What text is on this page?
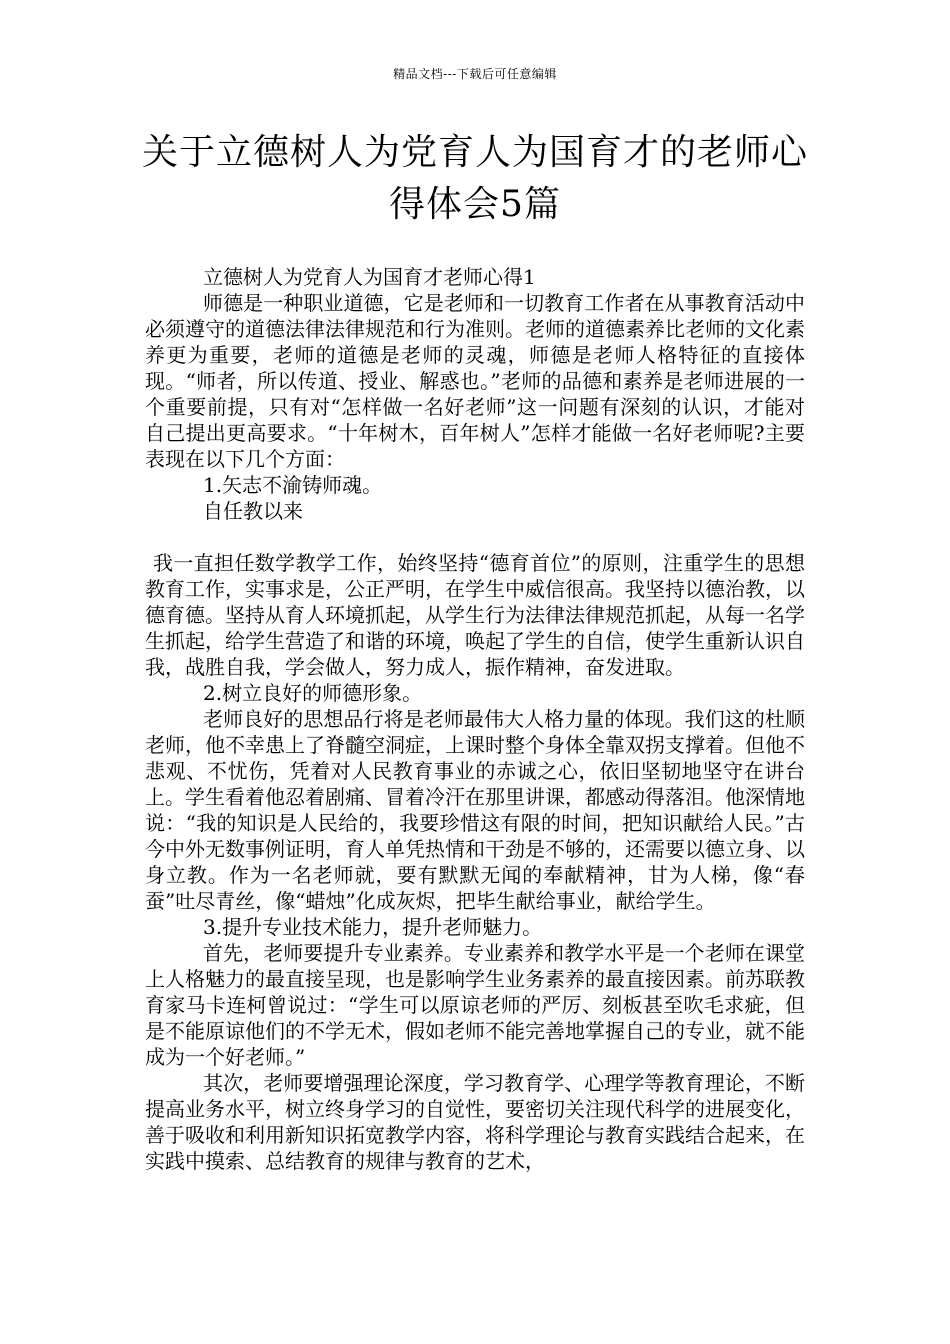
精品文档---下载后可任意编辑
关于立德树人为党育人为国育才的老师心
得体会5篇

立德树人为党育人为国育才老师心得1

师德是一种职业道德，它是老师和一切教育工作者在从事教育活动中必须遵守的道德法律法律规范和行为准则。老师的道德素养比老师的文化素养更为重要，老师的道德是老师的灵魂，师德是老师人格特征的直接体现。“师者，所以传道、授业、解惑也。”老师的品德和素养是老师进展的一个重要前提，只有对“怎样做一名好老师”这一问题有深刻的认识，才能对自己提出更高要求。“十年树木，百年树人”怎样才能做一名好老师呢?主要表现在以下几个方面：

1.矢志不渝铸师魂。

自任教以来

我一直担任数学教学工作，始终坚持“德育首位”的原则，注重学生的思想教育工作，实事求是，公正严明，在学生中威信很高。我坚持以德治教，以德育德。坚持从育人环境抓起，从学生行为法律法律规范抓起，从每一名学生抓起，给学生营造了和谐的环境，唤起了学生的自信，使学生重新认识自我，战胜自我，学会做人，努力成人，振作精神，奋发进取。

2.树立良好的师德形象。

老师良好的思想品行将是老师最伟大人格力量的体现。我们这的杜顺老师，他不幸患上了脊髓空洞症，上课时整个身体全靠双拐支撑着。但他不悲观、不忧伤，凭着对人民教育事业的赤诚之心，依旧坚韧地坚守在讲台上。学生看着他忍着剧痛、冒着冷汗在那里讲课，都感动得落泪。他深情地说：“我的知识是人民给的，我要珍惜这有限的时间，把知识献给人民。”古今中外无数事例证明，育人单凭热情和干劲是不够的，还需要以德立身、以身立教。作为一名老师就，要有默默无闻的奉献精神，甘为人梯，像“春蚕”吐尽青丝，像“蜡烛”化成灰烬，把毕生献给事业，献给学生。

3.提升专业技术能力，提升老师魅力。

首先，老师要提升专业素养。专业素养和教学水平是一个老师在课堂上人格魅力的最直接呈现，也是影响学生业务素养的最直接因素。前苏联教育家马卡连柯曾说过：“学生可以原谅老师的严厉、刻板甚至吹毛求疵，但是不能原谅他们的不学无术，假如老师不能完善地掌握自己的专业，就不能成为一个好老师。”

其次，老师要增强理论深度，学习教育学、心理学等教育理论，不断提高业务水平，树立终身学习的自觉性，要密切关注现代科学的进展变化，善于吸收和利用新知识拓宽教学内容，将科学理论与教育实践结合起来，在实践中摸索、总结教育的规律与教育的艺术，
